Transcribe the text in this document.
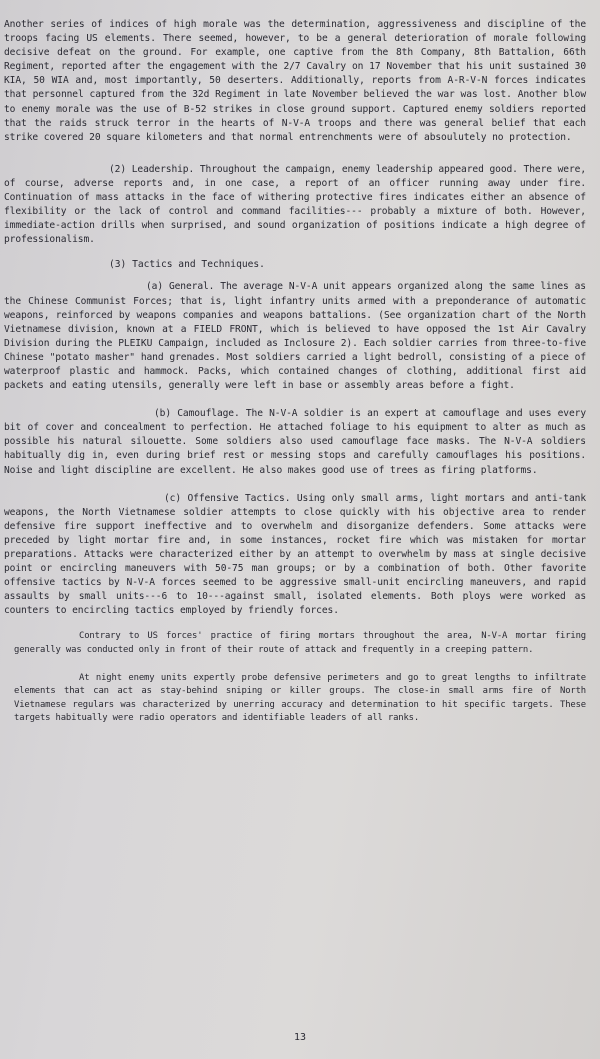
Another series of indices of high morale was the determination, aggressiveness and discipline of the troops facing US elements. There seemed, however, to be a general deterioration of morale following decisive defeat on the ground. For example, one captive from the 8th Company, 8th Battalion, 66th Regiment, reported after the engagement with the 2/7 Cavalry on 17 November that his unit sustained 30 KIA, 50 WIA and, most importantly, 50 deserters. Additionally, reports from A-R-V-N forces indicates that personnel captured from the 32d Regiment in late November believed the war was lost. Another blow to enemy morale was the use of B-52 strikes in close ground support. Captured enemy soldiers reported that the raids struck terror in the hearts of N-V-A troops and there was general belief that each strike covered 20 square kilometers and that normal entrenchments were of absoulutely no protection.

(2) Leadership. Throughout the campaign, enemy leadership appeared good. There were, of course, adverse reports and, in one case, a report of an officer running away under fire. Continuation of mass attacks in the face of withering protective fires indicates either an absence of flexibility or the lack of control and command facilities--- probably a mixture of both. However, immediate-action drills when surprised, and sound organization of positions indicate a high degree of professionalism.

(3) Tactics and Techniques.

(a) General. The average N-V-A unit appears organized along the same lines as the Chinese Communist Forces; that is, light infantry units armed with a preponderance of automatic weapons, reinforced by weapons companies and weapons battalions. (See organization chart of the North Vietnamese division, known at a FIELD FRONT, which is believed to have opposed the 1st Air Cavalry Division during the PLEIKU Campaign, included as Inclosure 2). Each soldier carries from three-to-five Chinese "potato masher" hand grenades. Most soldiers carried a light bedroll, consisting of a piece of waterproof plastic and hammock. Packs, which contained changes of clothing, additional first aid packets and eating utensils, generally were left in base or assembly areas before a fight.

(b) Camouflage. The N-V-A soldier is an expert at camouflage and uses every bit of cover and concealment to perfection. He attached foliage to his equipment to alter as much as possible his natural silouette. Some soldiers also used camouflage face masks. The N-V-A soldiers habitually dig in, even during brief rest or messing stops and carefully camouflages his positions. Noise and light discipline are excellent. He also makes good use of trees as firing platforms.

(c) Offensive Tactics. Using only small arms, light mortars and anti-tank weapons, the North Vietnamese soldier attempts to close quickly with his objective area to render defensive fire support ineffective and to overwhelm and disorganize defenders. Some attacks were preceded by light mortar fire and, in some instances, rocket fire which was mistaken for mortar preparations. Attacks were characterized either by an attempt to overwhelm by mass at single decisive point or encircling maneuvers with 50-75 man groups; or by a combination of both. Other favorite offensive tactics by N-V-A forces seemed to be aggressive small-unit encircling maneuvers, and rapid assaults by small units---6 to 10---against small, isolated elements. Both ploys were worked as counters to encircling tactics employed by friendly forces.

Contrary to US forces' practice of firing mortars throughout the area, N-V-A mortar firing generally was conducted only in front of their route of attack and frequently in a creeping pattern.

At night enemy units expertly probe defensive perimeters and go to great lengths to infiltrate elements that can act as stay-behind sniping or killer groups. The close-in small arms fire of North Vietnamese regulars was characterized by unerring accuracy and determination to hit specific targets. These targets habitually were radio operators and identifiable leaders of all ranks.

13
